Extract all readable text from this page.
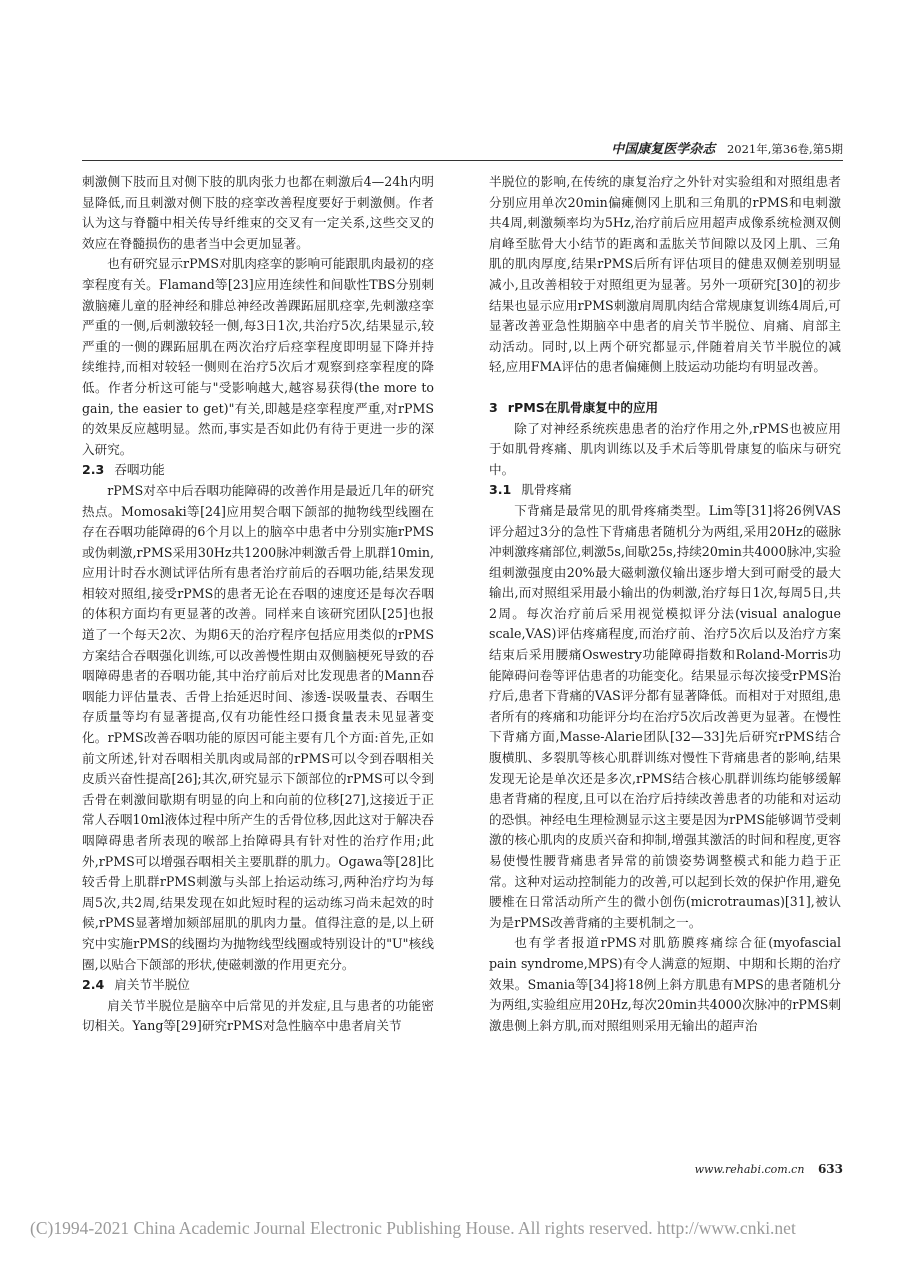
中国康复医学杂志 2021年,第36卷,第5期

刺激侧下肢而且对侧下肢的肌肉张力也都在刺激后4—24h内明显降低,而且刺激对侧下肢的痉挛改善程度要好于刺激侧。作者认为这与脊髓中相关传导纤维束的交叉有一定关系,这些交叉的效应在脊髓损伤的患者当中会更加显著。

也有研究显示rPMS对肌肉痉挛的影响可能跟肌肉最初的痉挛程度有关。Flamand等[23]应用连续性和间歇性TBS分别刺激脑瘫儿童的胫神经和腓总神经改善踝跖屈肌痉挛,先刺激痉挛严重的一侧,后刺激较轻一侧,每3日1次,共治疗5次,结果显示,较严重的一侧的踝跖屈肌在两次治疗后痉挛程度即明显下降并持续维持,而相对较轻一侧则在治疗5次后才观察到痉挛程度的降低。作者分析这可能与"受影响越大,越容易获得(the more to gain, the easier to get)"有关,即越是痉挛程度严重,对rPMS的效果反应越明显。然而,事实是否如此仍有待于更进一步的深入研究。

2.3 吞咽功能

rPMS对卒中后吞咽功能障碍的改善作用是最近几年的研究热点。Momosaki等[24]应用契合咽下颌部的抛物线型线圈在存在吞咽功能障碍的6个月以上的脑卒中患者中分别实施rPMS或伪刺激,rPMS采用30Hz共1200脉冲刺激舌骨上肌群10min,应用计时吞水测试评估所有患者治疗前后的吞咽功能,结果发现相较对照组,接受rPMS的患者无论在吞咽的速度还是每次吞咽的体积方面均有更显著的改善。同样来自该研究团队[25]也报道了一个每天2次、为期6天的治疗程序包括应用类似的rPMS方案结合吞咽强化训练,可以改善慢性期由双侧脑梗死导致的吞咽障碍患者的吞咽功能,其中治疗前后对比发现患者的Mann吞咽能力评估量表、舌骨上抬延迟时间、渗透-误吸量表、吞咽生存质量等均有显著提高,仅有功能性经口摄食量表未见显著变化。rPMS改善吞咽功能的原因可能主要有几个方面:首先,正如前文所述,针对吞咽相关肌肉或局部的rPMS可以令到吞咽相关皮质兴奋性提高[26];其次,研究显示下颌部位的rPMS可以令到舌骨在刺激间歇期有明显的向上和向前的位移[27],这接近于正常人吞咽10ml液体过程中所产生的舌骨位移,因此这对于解决吞咽障碍患者所表现的喉部上抬障碍具有针对性的治疗作用;此外,rPMS可以增强吞咽相关主要肌群的肌力。Ogawa等[28]比较舌骨上肌群rPMS刺激与头部上抬运动练习,两种治疗均为每周5次,共2周,结果发现在如此短时程的运动练习尚未起效的时候,rPMS显著增加颏部屈肌的肌肉力量。值得注意的是,以上研究中实施rPMS的线圈均为抛物线型线圈或特别设计的"U"核线圈,以贴合下颌部的形状,使磁刺激的作用更充分。

2.4 肩关节半脱位

肩关节半脱位是脑卒中后常见的并发症,且与患者的功能密切相关。Yang等[29]研究rPMS对急性脑卒中患者肩关节

半脱位的影响,在传统的康复治疗之外针对实验组和对照组患者分别应用单次20min偏瘫侧冈上肌和三角肌的rPMS和电刺激共4周,刺激频率均为5Hz,治疗前后应用超声成像系统检测双侧肩峰至肱骨大小结节的距离和盂肱关节间隙以及冈上肌、三角肌的肌肉厚度,结果rPMS后所有评估项目的健患双侧差别明显减小,且改善相较于对照组更为显著。另外一项研究[30]的初步结果也显示应用rPMS刺激肩周肌肉结合常规康复训练4周后,可显著改善亚急性期脑卒中患者的肩关节半脱位、肩痛、肩部主动活动。同时,以上两个研究都显示,伴随着肩关节半脱位的减轻,应用FMA评估的患者偏瘫侧上肢运动功能均有明显改善。

3 rPMS在肌骨康复中的应用

除了对神经系统疾患患者的治疗作用之外,rPMS也被应用于如肌骨疼痛、肌肉训练以及手术后等肌骨康复的临床与研究中。

3.1 肌骨疼痛

下背痛是最常见的肌骨疼痛类型。Lim等[31]将26例VAS评分超过3分的急性下背痛患者随机分为两组,采用20Hz的磁脉冲刺激疼痛部位,刺激5s,间歇25s,持续20min共4000脉冲,实验组刺激强度由20%最大磁刺激仪输出逐步增大到可耐受的最大输出,而对照组采用最小输出的伪刺激,治疗每日1次,每周5日,共2周。每次治疗前后采用视觉模拟评分法(visual analogue scale,VAS)评估疼痛程度,而治疗前、治疗5次后以及治疗方案结束后采用腰痛Oswestry功能障碍指数和Roland-Morris功能障碍问卷等评估患者的功能变化。结果显示每次接受rPMS治疗后,患者下背痛的VAS评分都有显著降低。而相对于对照组,患者所有的疼痛和功能评分均在治疗5次后改善更为显著。在慢性下背痛方面,Masse-Alarie团队[32—33]先后研究rPMS结合腹横肌、多裂肌等核心肌群训练对慢性下背痛患者的影响,结果发现无论是单次还是多次,rPMS结合核心肌群训练均能够缓解患者背痛的程度,且可以在治疗后持续改善患者的功能和对运动的恐惧。神经电生理检测显示这主要是因为rPMS能够调节受刺激的核心肌肉的皮质兴奋和抑制,增强其激活的时间和程度,更容易使慢性腰背痛患者异常的前馈姿势调整模式和能力趋于正常。这种对运动控制能力的改善,可以起到长效的保护作用,避免腰椎在日常活动所产生的微小创伤(microtraumas)[31],被认为是rPMS改善背痛的主要机制之一。

也有学者报道rPMS对肌筋膜疼痛综合征(myofascial pain syndrome,MPS)有令人满意的短期、中期和长期的治疗效果。Smania等[34]将18例上斜方肌患有MPS的患者随机分为两组,实验组应用20Hz,每次20min共4000次脉冲的rPMS刺激患侧上斜方肌,而对照组则采用无输出的超声治

www.rehabi.com.cn 633
(C)1994-2021 China Academic Journal Electronic Publishing House. All rights reserved. http://www.cnki.net
